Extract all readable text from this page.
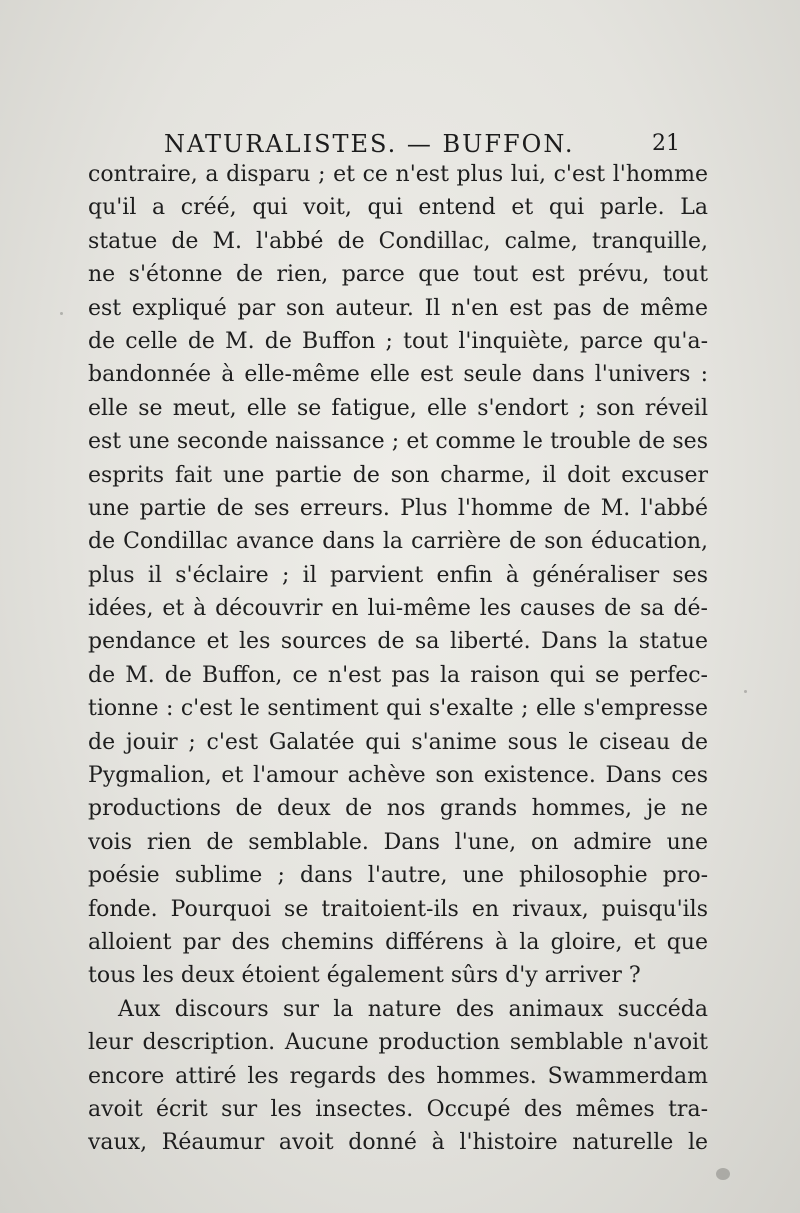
NATURALISTES. — BUFFON.	21
contraire, a disparu ; et ce n'est plus lui, c'est l'homme
qu'il a créé, qui voit, qui entend et qui parle. La
statue de M. l'abbé de Condillac, calme, tranquille,
ne s'étonne de rien, parce que tout est prévu, tout
est expliqué par son auteur. Il n'en est pas de même
de celle de M. de Buffon ; tout l'inquiète, parce qu'a-
bandonnée à elle-même elle est seule dans l'univers :
elle se meut, elle se fatigue, elle s'endort ; son réveil
est une seconde naissance ; et comme le trouble de ses
esprits fait une partie de son charme, il doit excuser
une partie de ses erreurs. Plus l'homme de M. l'abbé
de Condillac avance dans la carrière de son éducation,
plus il s'éclaire ; il parvient enfin à généraliser ses
idées, et à découvrir en lui-même les causes de sa dé-
pendance et les sources de sa liberté. Dans la statue
de M. de Buffon, ce n'est pas la raison qui se perfec-
tionne : c'est le sentiment qui s'exalte ; elle s'empresse
de jouir ; c'est Galatée qui s'anime sous le ciseau de
Pygmalion, et l'amour achève son existence. Dans ces
productions de deux de nos grands hommes, je ne
vois rien de semblable. Dans l'une, on admire une
poésie sublime ; dans l'autre, une philosophie pro-
fonde. Pourquoi se traitoient-ils en rivaux, puisqu'ils
alloient par des chemins différens à la gloire, et que
tous les deux étoient également sûrs d'y arriver ?
Aux discours sur la nature des animaux succéda
leur description. Aucune production semblable n'avoit
encore attiré les regards des hommes. Swammerdam
avoit écrit sur les insectes. Occupé des mêmes tra-
vaux, Réaumur avoit donné à l'histoire naturelle le
